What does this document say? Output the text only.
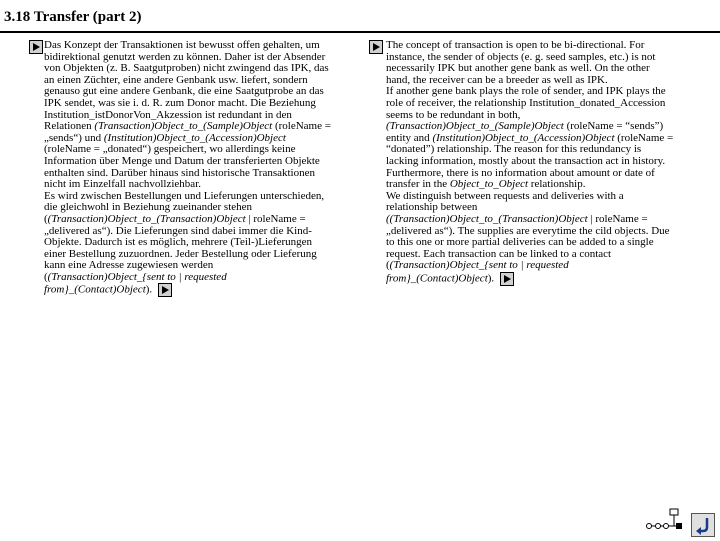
3.18 Transfer (part 2)

Das Konzept der Transaktionen ist bewusst offen gehalten, um bidirektional genutzt werden zu können. Daher ist der Absender von Objekten (z. B. Saatgutproben) nicht zwingend das IPK, das an einen Züchter, eine andere Genbank usw. liefert, sondern genauso gut eine andere Genbank, die eine Saatgutprobe an das IPK sendet, was sie i. d. R. zum Donor macht. Die Beziehung Institution_istDonorVon_Akzession ist redundant in den Relationen (Transaction)Object_to_(Sample)Object (roleName = „sends“) und (Institution)Object_to_(Accession)Object (roleName = „donated“) gespeichert, wo allerdings keine Information über Menge und Datum der transferierten Objekte enthalten sind. Darüber hinaus sind historische Transaktionen nicht im Einzelfall nachvollziehbar.

Es wird zwischen Bestellungen und Lieferungen unterschieden, die gleichwohl in Beziehung zueinander stehen ((Transaction)Object_to_(Transaction)Object | roleName = „delivered as“). Die Lieferungen sind dabei immer die Kind-Objekte. Dadurch ist es möglich, mehrere (Teil-)Lieferungen einer Bestellung zuzuordnen. Jeder Bestellung oder Lieferung kann eine Adresse zugewiesen werden ((Transaction)Object_{sent to | requested from}_(Contact)Object).

The concept of transaction is open to be bi-directional. For instance, the sender of objects (e. g. seed samples, etc.) is not necessarily IPK but another gene bank as well. On the other hand, the receiver can be a breeder as well as IPK.

If another gene bank plays the role of sender, and IPK plays the role of receiver, the relationship Institution_donated_Accession seems to be redundant in both, (Transaction)Object_to_(Sample)Object (roleName = “sends”) entity and (Institution)Object_to_(Accession)Object (roleName = “donated”) relationship. The reason for this redundancy is lacking information, mostly about the transaction act in history. Furthermore, there is no information about amount or date of transfer in the Object_to_Object relationship.

We distinguish between requests and deliveries with a relationship between ((Transaction)Object_to_(Transaction)Object | roleName = „delivered as“). The supplies are everytime the cild objects. Due to this one or more partial deliveries can be added to a single request. Each transaction can be linked to a contact ((Transaction)Object_{sent to | requested from}_(Contact)Object).
